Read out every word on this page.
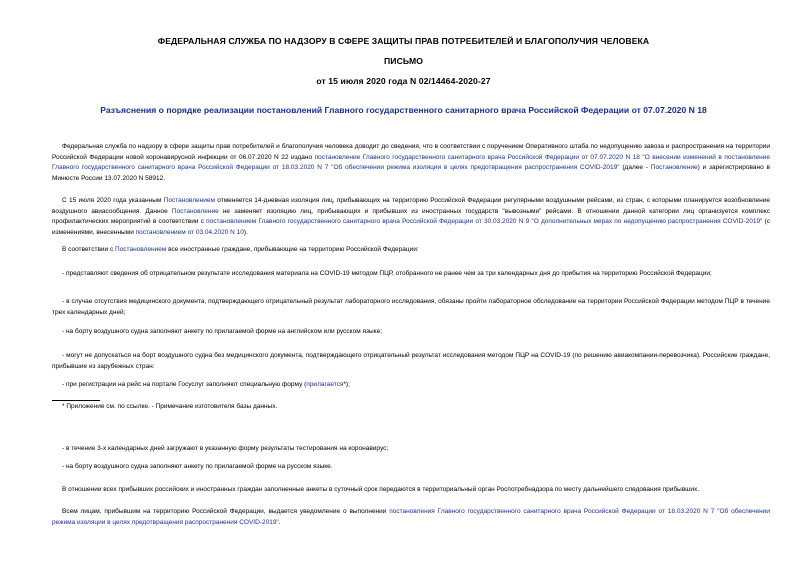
ФЕДЕРАЛЬНАЯ СЛУЖБА ПО НАДЗОРУ В СФЕРЕ ЗАЩИТЫ ПРАВ ПОТРЕБИТЕЛЕЙ И БЛАГОПОЛУЧИЯ ЧЕЛОВЕКА
ПИСЬМО
от 15 июля 2020 года N 02/14464-2020-27
Разъяснения о порядке реализации постановлений Главного государственного санитарного врача Российской Федерации от 07.07.2020 N 18
Федеральная служба по надзору в сфере защиты прав потребителей и благополучия человека доводит до сведения, что в соответствии с поручением Оперативного штаба по недопущению завоза и распространения на территории Российской Федерации новой коронавирусной инфекции от 06.07.2020 N 22 издано постановление Главного государственного санитарного врача Российской Федерации от 07.07.2020 N 18 "О внесении изменений в постановление Главного государственного санитарного врача Российской Федерации от 18.03.2020 N 7 "Об обеспечении режима изоляции в целях предотвращения распространения COVID-2019" (далее - Постановление) и зарегистрировано в Минюсте России 13.07.2020 N 58912.
С 15 июля 2020 года указанным Постановлением отменяется 14-дневная изоляция лиц, прибывающих на территорию Российской Федерации регулярными воздушными рейсами, из стран, с которыми планируется возобновление воздушного авиасообщения. Данное Постановление не заменяет изоляцию лиц, прибывающих и прибывших из иностранных государств "вывозными" рейсами. В отношении данной категории лиц организуется комплекс профилактических мероприятий в соответствии с постановлением Главного государственного санитарного врача Российской Федерации от 30.03.2020 N 9 "О дополнительных мерах по недопущению распространения COVID-2019" (с изменениями, внесенными постановлением от 03.04.2020 N 10).
В соответствии с Постановлением все иностранные граждане, прибывающие на территорию Российской Федерации:
- представляют сведения об отрицательном результате исследования материала на COVID-19 методом ПЦР, отобранного не ранее чем за три календарных дня до прибытия на территорию Российской Федерации;
- в случае отсутствия медицинского документа, подтверждающего отрицательный результат лабораторного исследования, обязаны пройти лабораторное обследование на территории Российской Федерации методом ПЦР в течение трех календарных дней;
- на борту воздушного судна заполняют анкету по прилагаемой форме на английском или русском языке;
- могут не допускаться на борт воздушного судна без медицинского документа, подтверждающего отрицательный результат исследования методом ПЦР на COVID-19 (по решению авиакомпании-перевозчика). Российские граждане, прибывшие из зарубежных стран:
- при регистрации на рейс на портале Госуслуг заполняют специальную форму (прилагается*);
* Приложение см. по ссылке. - Примечание изготовителя базы данных.
- в течение 3-х календарных дней загружают в указанную форму результаты тестирования на коронавирус;
- на борту воздушного судна заполняют анкету по прилагаемой форме на русском языке.
В отношении всех прибывших российских и иностранных граждан заполненные анкеты в суточный срок передаются в территориальный орган Роспотребнадзора по месту дальнейшего следования прибывших.
Всем лицам, прибывшим на территорию Российской Федерации, выдается уведомление о выполнении постановления Главного государственного санитарного врача Российской Федерации от 18.03.2020 N 7 "Об обеспечении режима изоляции в целях предотвращения распространения COVID-2019".
